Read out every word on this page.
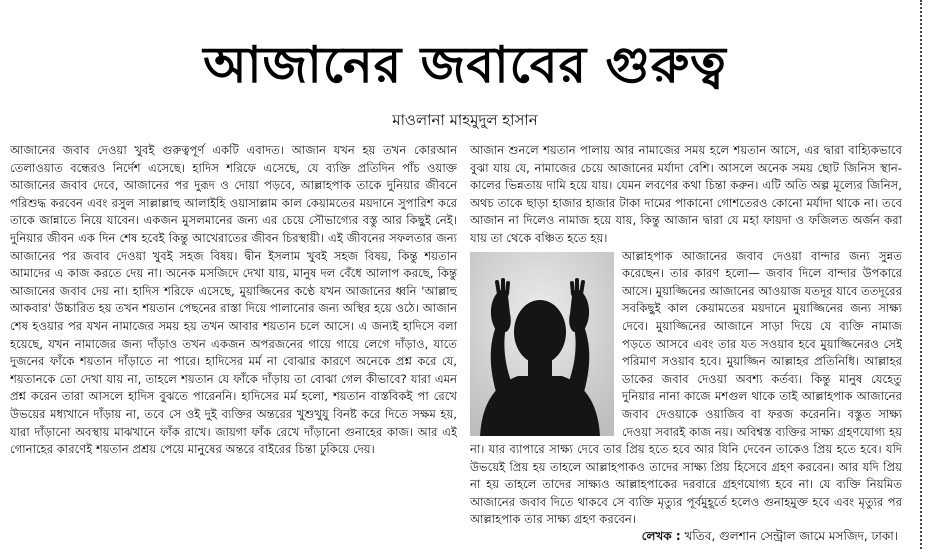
আজানের জবাবের গুরুত্ব
মাওলানা মাহমুদুল হাসান

আজানের জবাব দেওয়া খুবই গুরুত্বপূর্ণ একটি এবাদত। আজান যখন হয় তখন কোরআন তেলাওয়াত বন্ধেরও নির্দেশ এসেছে। হাদিস শরিফে এসেছে, যে ব্যক্তি প্রতিদিন পাঁচ ওয়াক্ত আজানের জবাব দেবে, আজানের পর দুরূদ ও দোয়া পড়বে, আল্লাহপাক তাকে দুনিয়ার জীবনে পরিশুদ্ধ করবেন এবং রসুল সাল্লাল্লাহু আলাইহি ওয়াসাল্লাম কাল কেয়ামতের ময়দানে সুপারিশ করে তাকে জান্নাতে নিয়ে যাবেন। একজন মুসলমানের জন্য এর চেয়ে সৌভাগ্যের বস্তু আর কিছুই নেই। দুনিয়ার জীবন এক দিন শেষ হবেই কিন্তু আখেরাতের জীবন চিরস্থায়ী। এই জীবনের সফলতার জন্য আজানের পর জবাব দেওয়া খুবই সহজ বিষয়। দ্বীন ইসলাম খুবই সহজ বিষয়, কিন্তু শয়তান আমাদের এ কাজ করতে দেয় না। অনেক মসজিদে দেখা যায়, মানুষ দল বেঁধে আলাপ করছে, কিন্তু আজানের জবাব দেয় না। হাদিস শরিফে এসেছে, মুয়াজ্জিনের কণ্ঠে যখন আজানের ধ্বনি 'আল্লাহু আকবার' উচ্চারিত হয় তখন শয়তান পেছনের রাস্তা দিয়ে পালানোর জন্য অস্থির হয়ে ওঠে। আজান শেষ হওয়ার পর যখন নামাজের সময় হয় তখন আবার শয়তান চলে আসে। এ জন্যই হাদিসে বলা হয়েছে, যখন নামাজের জন্য দাঁড়াও তখন একজন অপরজনের গায়ে গায়ে লেগে দাঁড়াও, যাতে দুজনের ফাঁকে শয়তান দাঁড়াতে না পারে। হাদিসের মর্ম না বোঝার কারণে অনেকে প্রশ্ন করে যে, শয়তানকে তো দেখা যায় না, তাহলে শয়তান যে ফাঁকে দাঁড়ায় তা বোঝা গেল কীভাবে? যারা এমন প্রশ্ন করেন তারা আসলে হাদিস বুঝতে পারেননি। হাদিসের মর্ম হলো, শয়তান বাস্তবিকই পা রেখে উভয়ের মধ্যখানে দাঁড়ায় না, তবে সে ওই দুই ব্যক্তির অন্তরের খুশুখুযু বিনষ্ট করে দিতে সক্ষম হয়, যারা দাঁড়ানো অবস্থায় মাঝখানে ফাঁক রাখে। জায়গা ফাঁক রেখে দাঁড়ানো গুনাহের কাজ। আর এই গোনাহের কারণেই শয়তান প্রশ্রয় পেয়ে মানুষের অন্তরে বাইরের চিন্তা ঢুকিয়ে দেয়।

আজান শুনলে শয়তান পালায় আর নামাজের সময় হলে শয়তান আসে, এর দ্বারা বাহ্যিকভাবে বুঝা যায় যে, নামাজের চেয়ে আজানের মর্যাদা বেশি। আসলে অনেক সময় ছোট জিনিস স্থান-কালের ভিন্নতায় দামি হয়ে যায়। যেমন লবণের কথা চিন্তা করুন। এটি অতি অল্প মূল্যের জিনিস, অথচ তাকে ছাড়া হাজার হাজার টাকা দামের পাকানো গোশতেরও কোনো মর্যাদা থাকে না। তবে আজান না দিলেও নামাজ হয়ে যায়, কিন্তু আজান দ্বারা যে মহা ফায়দা ও ফজিলত অর্জন করা যায় তা থেকে বঞ্চিত হতে হয়।

আল্লাহপাক আজানের জবাব দেওয়া বান্দার জন্য সুন্নত করেছেন। তার কারণ হলো— জবাব দিলে বান্দার উপকারে আসে। মুয়াজ্জিনের আজানের আওয়াজ যতদূর যাবে ততদূরের সবকিছুই কাল কেয়ামতের ময়দানে মুয়াজ্জিনের জন্য সাক্ষ্য দেবে। মুয়াজ্জিনের আজানে সাড়া দিয়ে যে ব্যক্তি নামাজ পড়তে আসবে এবং তার যত সওয়াব হবে মুয়াজ্জিনেরও সেই পরিমাণ সওয়াব হবে। মুয়াজ্জিন আল্লাহর প্রতিনিধি। আল্লাহর ডাকের জবাব দেওয়া অবশ্য কর্তব্য। কিন্তু মানুষ যেহেতু দুনিয়ার নানা কাজে মশগুল থাকে তাই আল্লাহপাক আজানের জবাব দেওয়াকে ওয়াজিব বা ফরজ করেননি। বস্তুত সাক্ষ্য দেওয়া সবারই কাজ নয়। অবিশ্বস্ত ব্যক্তির সাক্ষ্য গ্রহণযোগ্য হয় না। যার ব্যাপারে সাক্ষ্য দেবে তার প্রিয় হতে হবে আর যিনি দেবেন তাকেও প্রিয় হতে হবে। যদি উভয়েই প্রিয় হয় তাহলে আল্লাহপাকও তাদের সাক্ষ্য প্রিয় হিসেবে গ্রহণ করবেন। আর যদি প্রিয় না হয় তাহলে তাদের সাক্ষ্যও আল্লাহপাকের দরবারে গ্রহণযোগ্য হবে না। যে ব্যক্তি নিয়মিত আজানের জবাব দিতে থাকবে সে ব্যক্তি মৃত্যুর পূর্বমুহূর্তে হলেও গুনাহমুক্ত হবে এবং মৃত্যুর পর আল্লাহপাক তার সাক্ষ্য গ্রহণ করবেন।

লেখক : খতিব, গুলশান সেন্ট্রাল জামে মসজিদ, ঢাকা।
